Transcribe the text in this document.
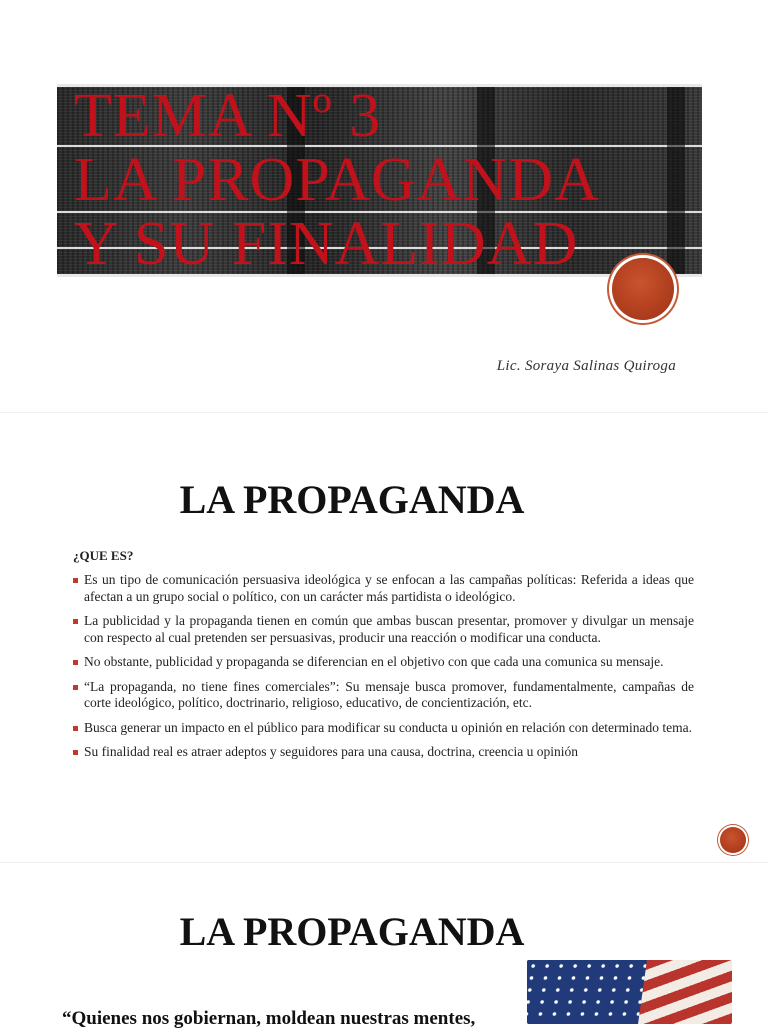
TEMA Nº 3
LA PROPAGANDA
Y SU FINALIDAD
Lic. Soraya Salinas Quiroga
LA PROPAGANDA
¿QUE ES?
Es un tipo de comunicación persuasiva ideológica y se enfocan a las campañas políticas: Referida a ideas que afectan a un grupo social o político, con un carácter más partidista o ideológico.
La publicidad y la propaganda tienen en común que ambas buscan presentar, promover y divulgar un mensaje con respecto al cual pretenden ser persuasivas, producir una reacción o modificar una conducta.
No obstante, publicidad y propaganda se diferencian en el objetivo con que cada una comunica su mensaje.
“La propaganda, no tiene fines comerciales”: Su mensaje busca promover, fundamentalmente, campañas de corte ideológico, político, doctrinario, religioso, educativo, de concientización, etc.
Busca generar un impacto en el público para modificar su conducta u opinión en relación con determinado tema.
Su finalidad real es atraer adeptos y seguidores para una causa, doctrina, creencia u opinión
LA PROPAGANDA

“Quienes nos gobiernan, moldean nuestras mentes,
